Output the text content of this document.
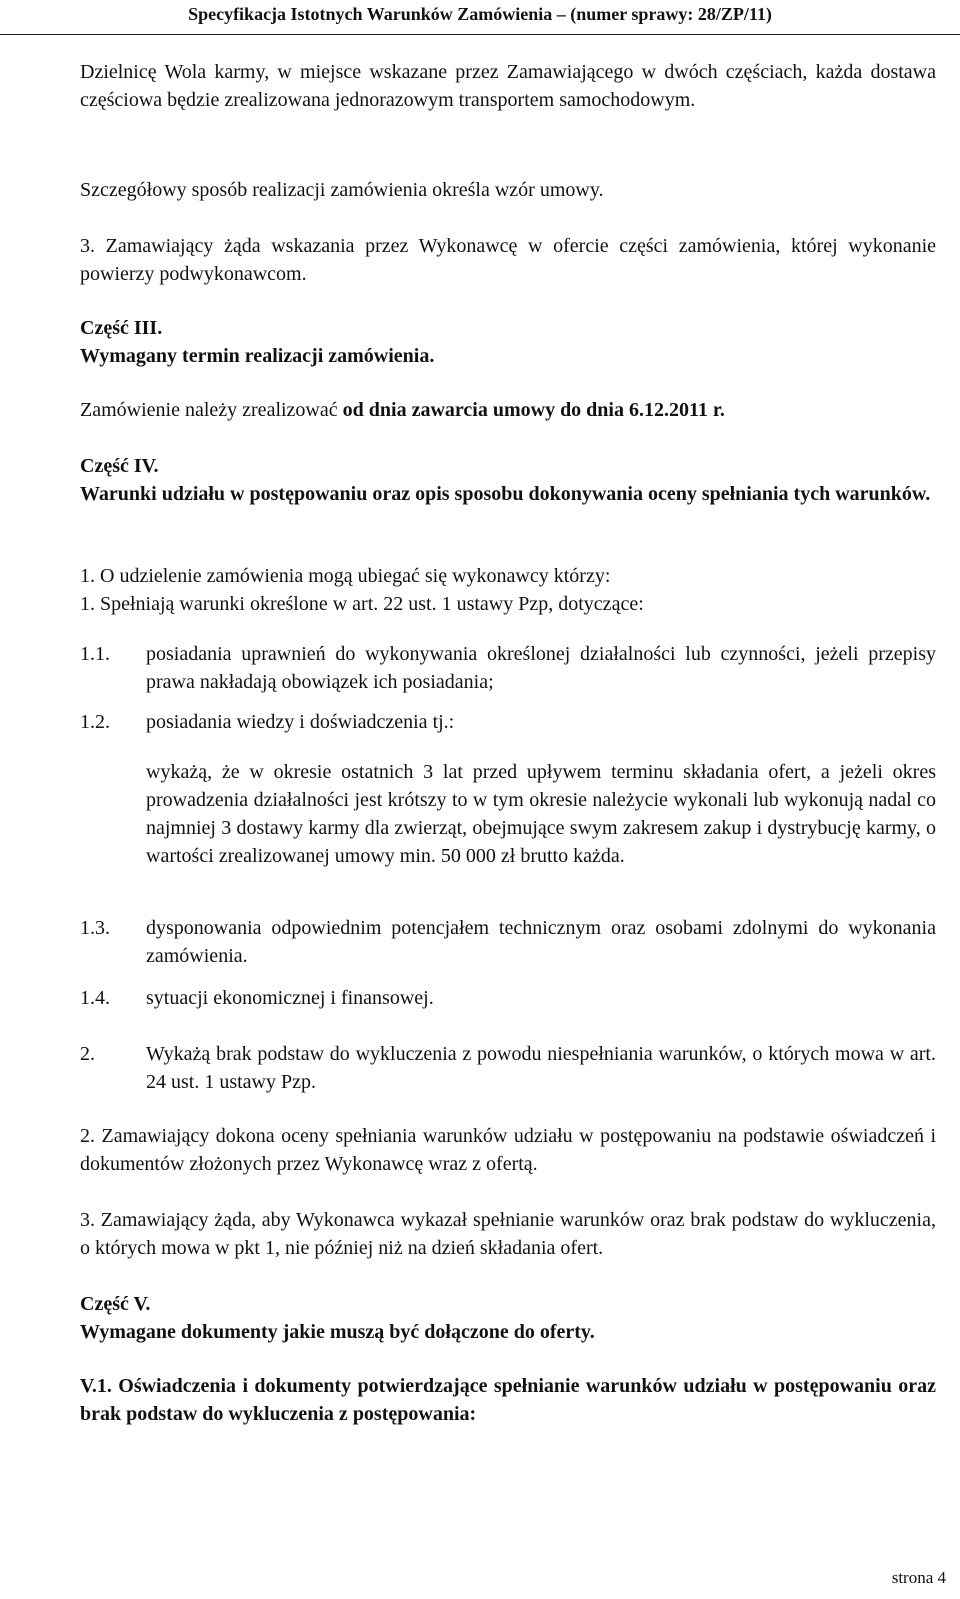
Specyfikacja Istotnych Warunków Zamówienia – (numer sprawy: 28/ZP/11)
Dzielnicę Wola karmy, w miejsce wskazane przez Zamawiającego w dwóch częściach, każda dostawa częściowa będzie zrealizowana jednorazowym transportem samochodowym.
Szczegółowy sposób realizacji zamówienia określa wzór umowy.
3. Zamawiający żąda wskazania przez Wykonawcę w ofercie części zamówienia, której wykonanie powierzy podwykonawcom.
Część III.
Wymagany termin realizacji zamówienia.
Zamówienie należy zrealizować od dnia zawarcia umowy do dnia 6.12.2011 r.
Część IV.
Warunki udziału w postępowaniu oraz opis sposobu dokonywania oceny spełniania tych warunków.
1. O udzielenie zamówienia mogą ubiegać się wykonawcy którzy:
1. Spełniają warunki określone w art. 22 ust. 1 ustawy Pzp, dotyczące:
1.1. posiadania uprawnień do wykonywania określonej działalności lub czynności, jeżeli przepisy prawa nakładają obowiązek ich posiadania;
1.2. posiadania wiedzy i doświadczenia tj.:
wykażą, że w okresie ostatnich 3 lat przed upływem terminu składania ofert, a jeżeli okres prowadzenia działalności jest krótszy to w tym okresie należycie wykonali lub wykonują nadal co najmniej 3 dostawy karmy dla zwierząt, obejmujące swym zakresem zakup i dystrybucję karmy, o wartości zrealizowanej umowy min. 50 000 zł brutto każda.
1.3. dysponowania odpowiednim potencjałem technicznym oraz osobami zdolnymi do wykonania zamówienia.
1.4. sytuacji ekonomicznej i finansowej.
2.	Wykażą brak podstaw do wykluczenia z powodu niespełniania warunków, o których mowa w art. 24 ust. 1 ustawy Pzp.
2. Zamawiający dokona oceny spełniania warunków udziału w postępowaniu na podstawie oświadczeń i dokumentów złożonych przez Wykonawcę wraz z ofertą.
3. Zamawiający żąda, aby Wykonawca wykazał spełnianie warunków oraz brak podstaw do wykluczenia, o których mowa w pkt 1, nie później niż na dzień składania ofert.
Część V.
Wymagane dokumenty jakie muszą być dołączone do oferty.
V.1. Oświadczenia i dokumenty potwierdzające spełnianie warunków udziału w postępowaniu oraz brak podstaw do wykluczenia z postępowania:
strona 4
